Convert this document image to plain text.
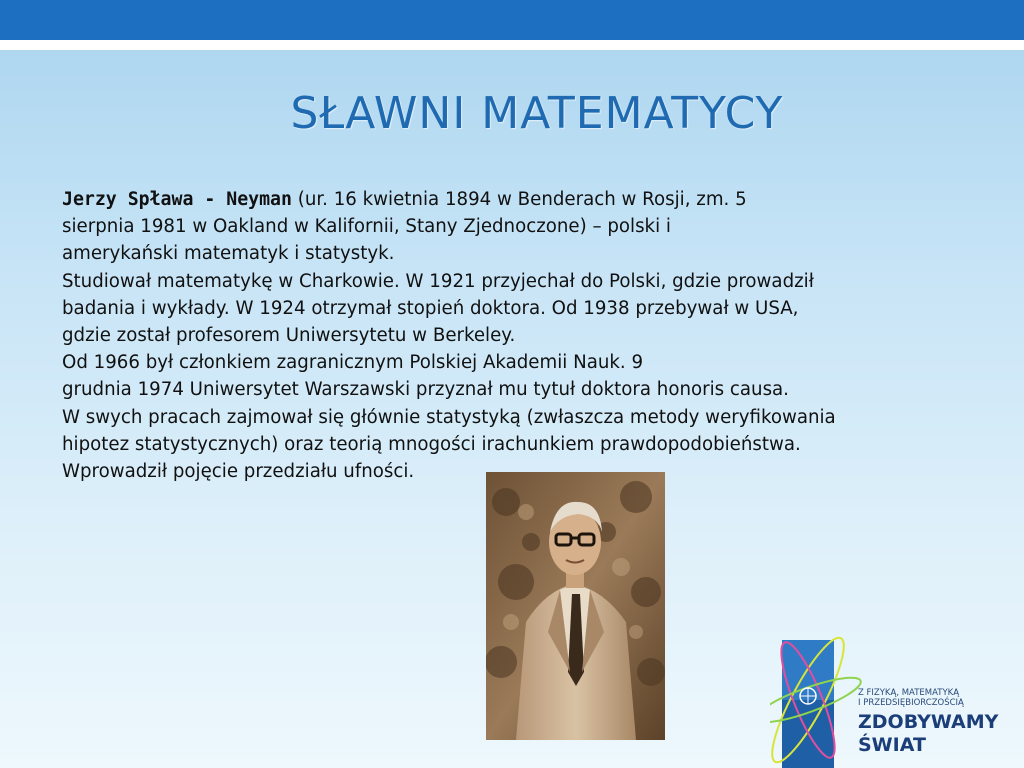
SŁAWNI MATEMATYCY
Jerzy Spława - Neyman (ur. 16 kwietnia 1894 w Benderach w Rosji, zm. 5
sierpnia 1981 w Oakland w Kalifornii, Stany Zjednoczone) – polski i
amerykański matematyk i statystyk.
Studiował matematykę w Charkowie. W 1921 przyjechał do Polski, gdzie prowadził
badania i wykłady. W 1924 otrzymał stopień doktora. Od 1938 przebywał w USA,
gdzie został profesorem Uniwersytetu w Berkeley.
Od 1966 był członkiem zagranicznym Polskiej Akademii Nauk. 9
grudnia 1974 Uniwersytet Warszawski przyznał mu tytuł doktora honoris causa.
W swych pracach zajmował się głównie statystyką (zwłaszcza metody weryfikowania
hipotez statystycznych) oraz teorią mnogości irachunkiem prawdopodobieństwa.
Wprowadził pojęcie przedziału ufności.
Z FIZYKĄ, MATEMATYKĄ
I PRZEDSIĘBIORCZOŚCIĄ
ZDOBYWAMY
ŚWIAT
